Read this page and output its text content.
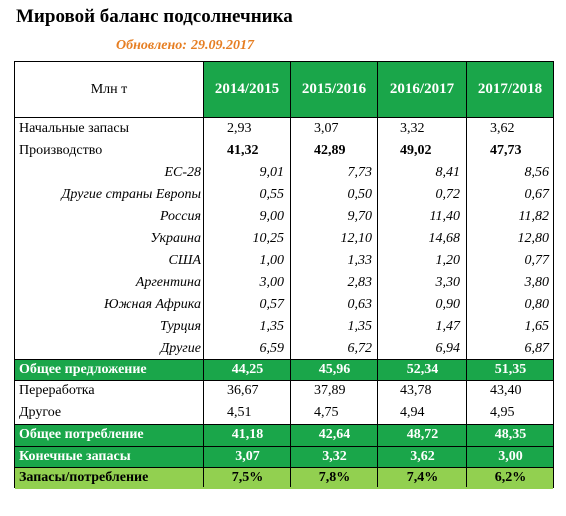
Мировой баланс подсолнечника
Обновлено: 29.09.2017
Млн т	2014/2015	2015/2016	2016/2017	2017/2018
Начальные запасы	2,93	3,07	3,32	3,62
Производство	41,32	42,89	49,02	47,73
ЕС-28	9,01	7,73	8,41	8,56
Другие страны Европы	0,55	0,50	0,72	0,67
Россия	9,00	9,70	11,40	11,82
Украина	10,25	12,10	14,68	12,80
США	1,00	1,33	1,20	0,77
Аргентина	3,00	2,83	3,30	3,80
Южная Африка	0,57	0,63	0,90	0,80
Турция	1,35	1,35	1,47	1,65
Другие	6,59	6,72	6,94	6,87
Общее предложение	44,25	45,96	52,34	51,35
Переработка	36,67	37,89	43,78	43,40
Другое	4,51	4,75	4,94	4,95
Общее потребление	41,18	42,64	48,72	48,35
Конечные запасы	3,07	3,32	3,62	3,00
Запасы/потребление	7,5%	7,8%	7,4%	6,2%
